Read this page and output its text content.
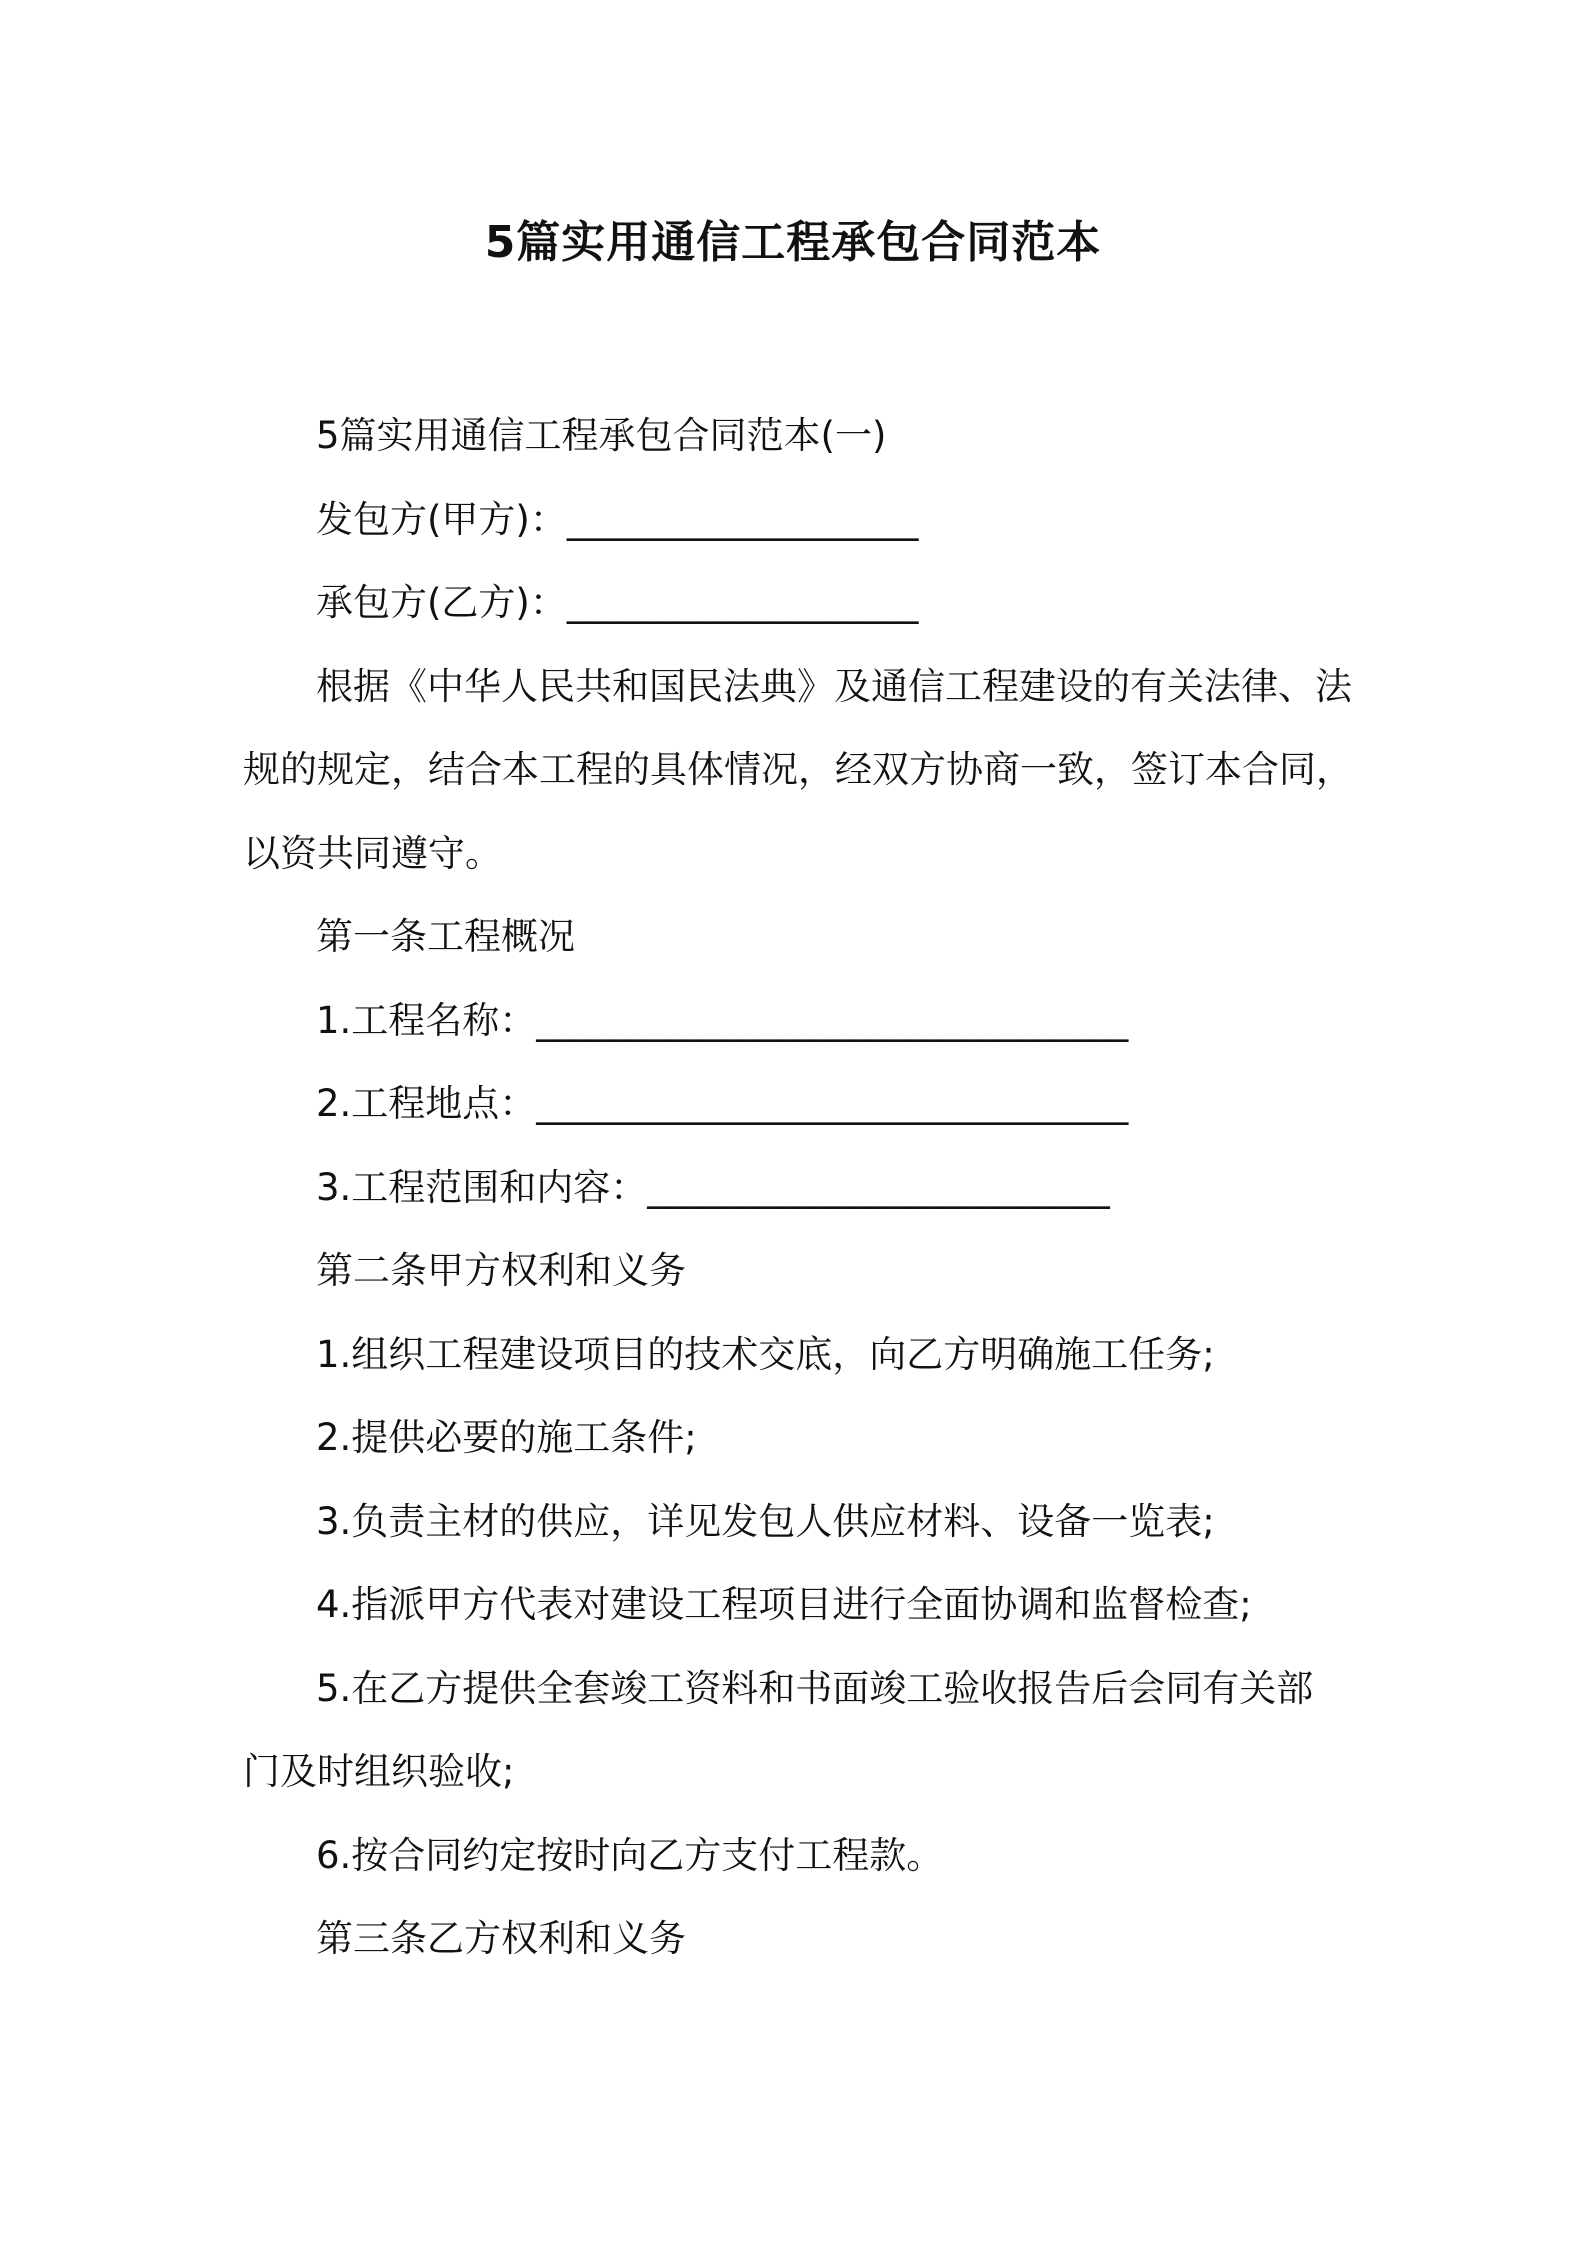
5篇实用通信工程承包合同范本

5篇实用通信工程承包合同范本(一)

发包方(甲方)：___________________

承包方(乙方)：___________________

根据《中华人民共和国民法典》及通信工程建设的有关法律、法

规的规定，结合本工程的具体情况，经双方协商一致，签订本合同，

以资共同遵守。

第一条工程概况

1.工程名称：________________________________

2.工程地点：________________________________

3.工程范围和内容：_________________________

第二条甲方权利和义务

1.组织工程建设项目的技术交底，向乙方明确施工任务;

2.提供必要的施工条件;

3.负责主材的供应，详见发包人供应材料、设备一览表;

4.指派甲方代表对建设工程项目进行全面协调和监督检查;

5.在乙方提供全套竣工资料和书面竣工验收报告后会同有关部

门及时组织验收;

6.按合同约定按时向乙方支付工程款。

第三条乙方权利和义务
